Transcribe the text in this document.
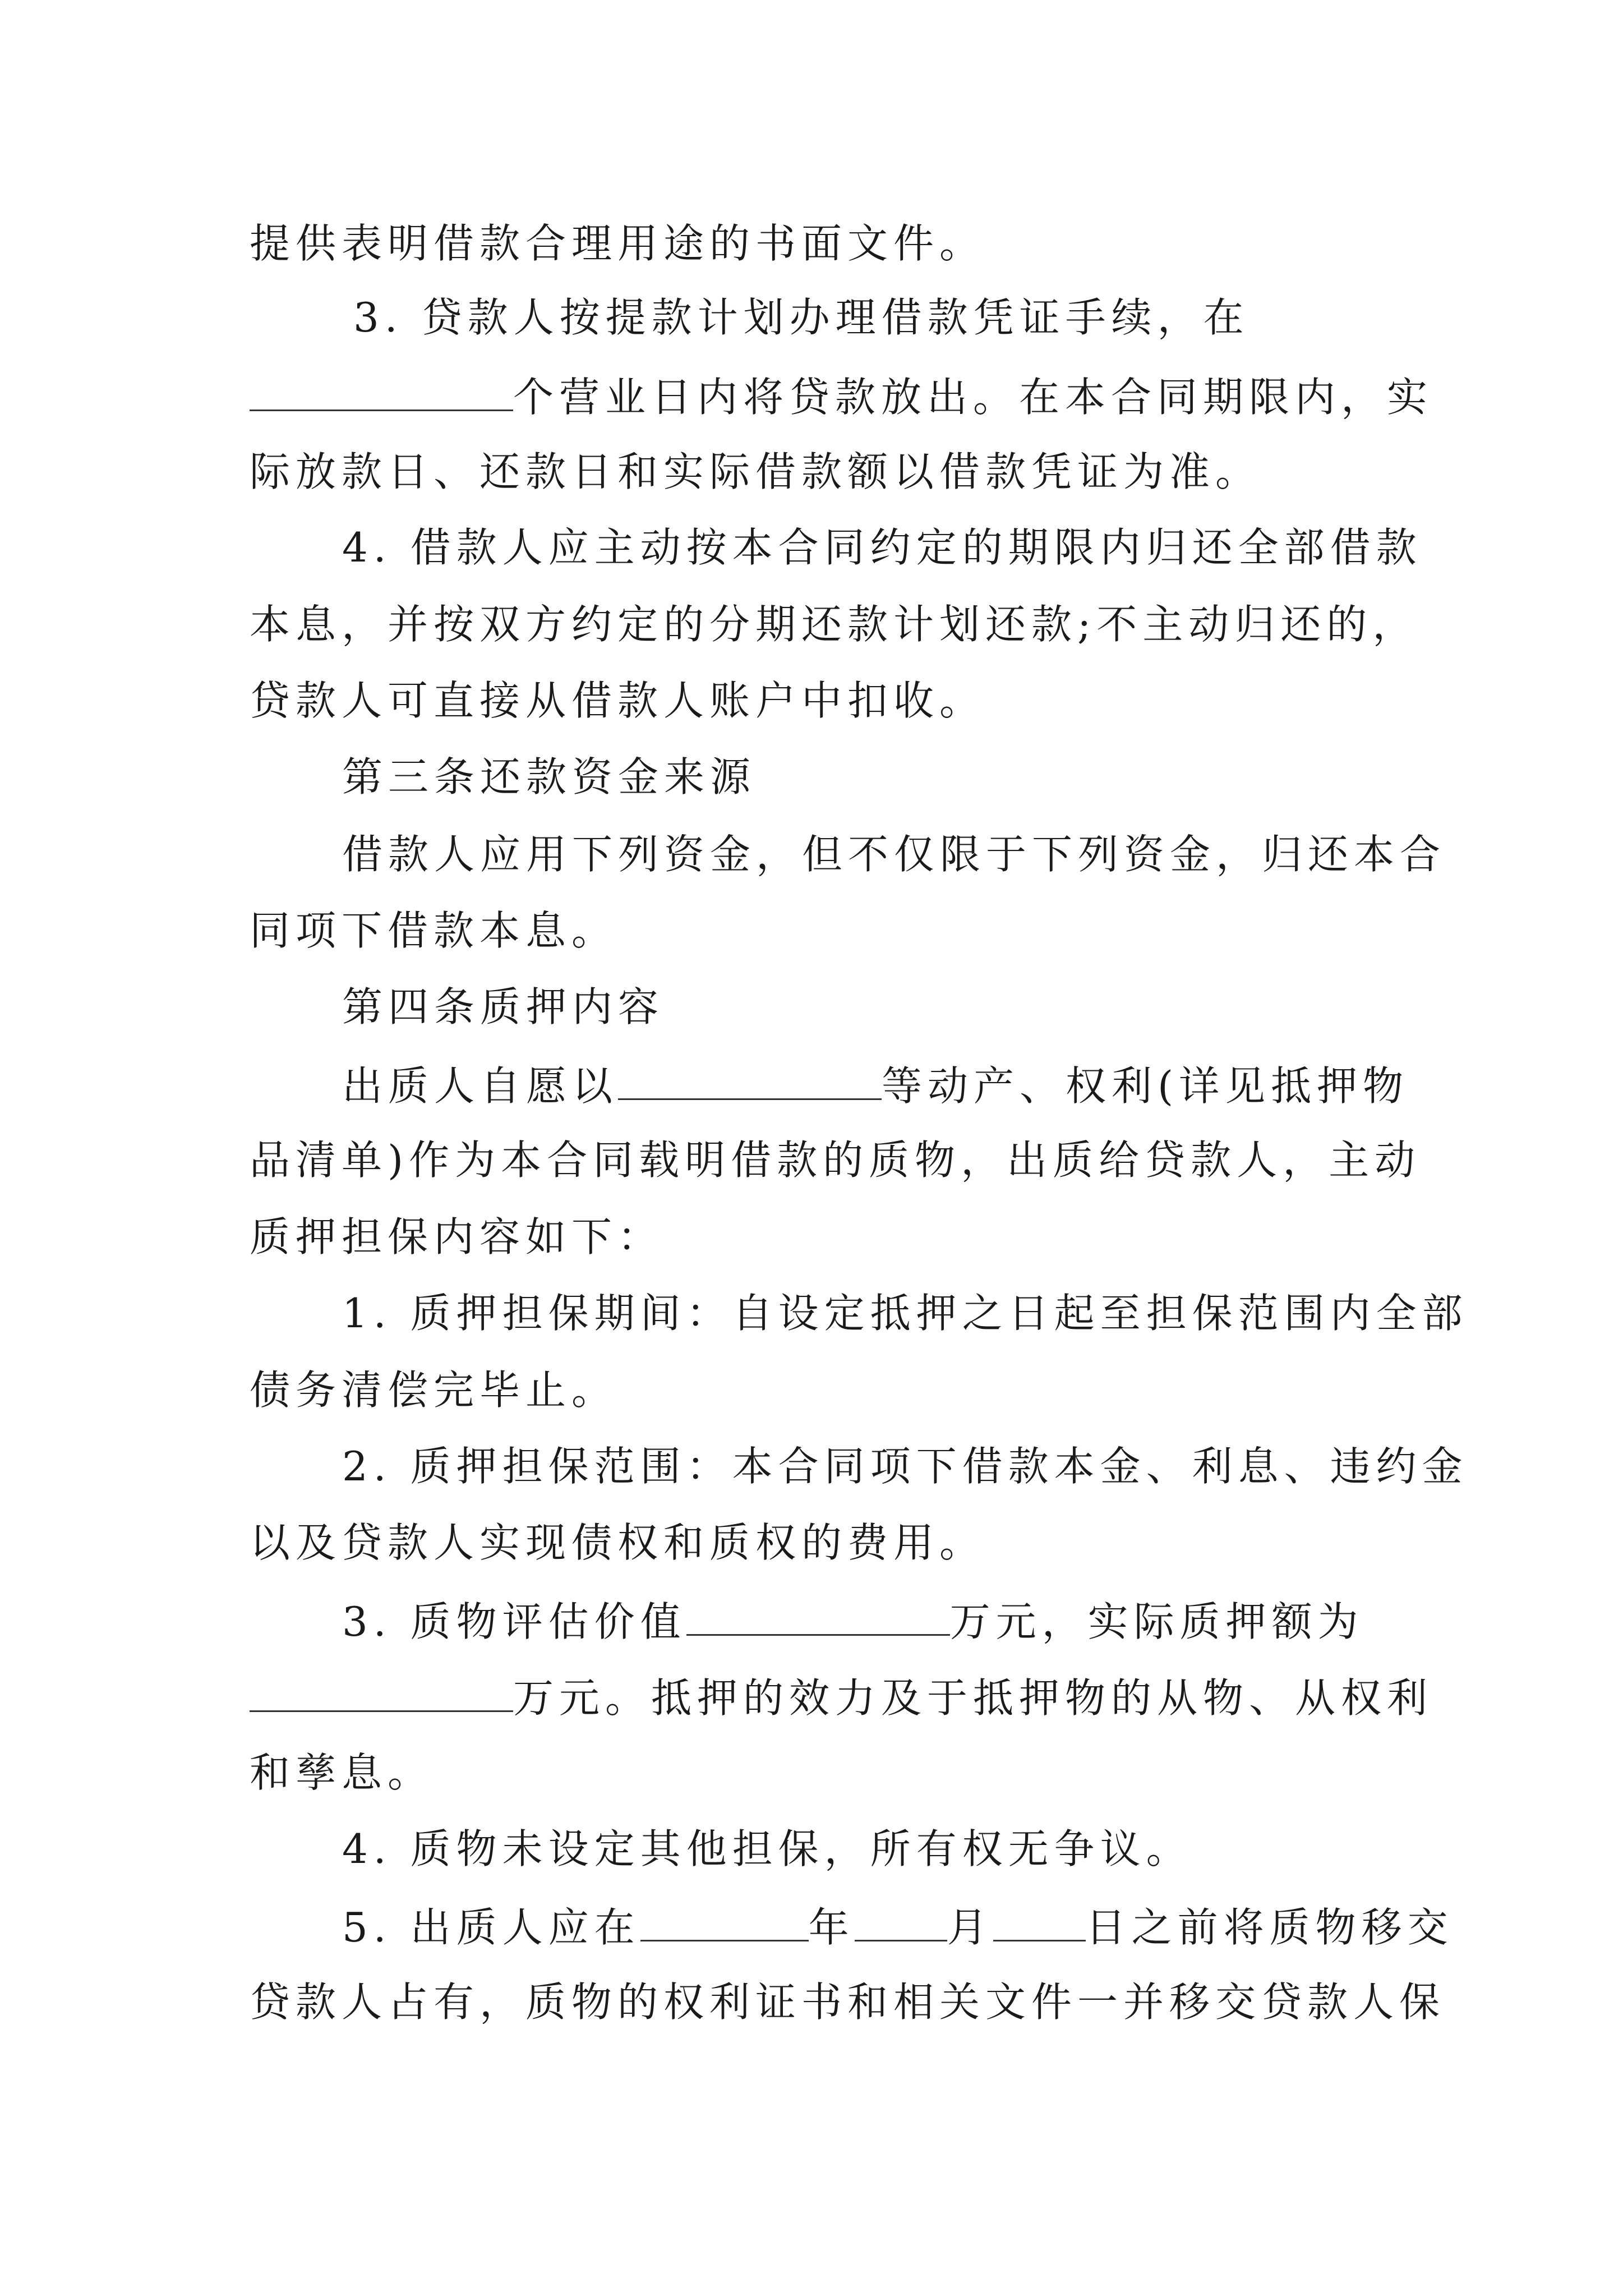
提供表明借款合理用途的书面文件。
3. 贷款人按提款计划办理借款凭证手续，在
个营业日内将贷款放出。在本合同期限内，实
际放款日、还款日和实际借款额以借款凭证为准。
4. 借款人应主动按本合同约定的期限内归还全部借款
本息，并按双方约定的分期还款计划还款;不主动归还的，
贷款人可直接从借款人账户中扣收。
第三条还款资金来源
借款人应用下列资金，但不仅限于下列资金，归还本合
同项下借款本息。
第四条质押内容
出质人自愿以	等动产、权利(详见抵押物
品清单)作为本合同载明借款的质物，出质给贷款人，主动
质押担保内容如下：
1. 质押担保期间：自设定抵押之日起至担保范围内全部
债务清偿完毕止。
2. 质押担保范围：本合同项下借款本金、利息、违约金
以及贷款人实现债权和质权的费用。
3. 质物评估价值	万元，实际质押额为
万元。抵押的效力及于抵押物的从物、从权利
和孳息。
4. 质物未设定其他担保，所有权无争议。
5. 出质人应在	年 月 日之前将质物移交
贷款人占有，质物的权利证书和相关文件一并移交贷款人保
